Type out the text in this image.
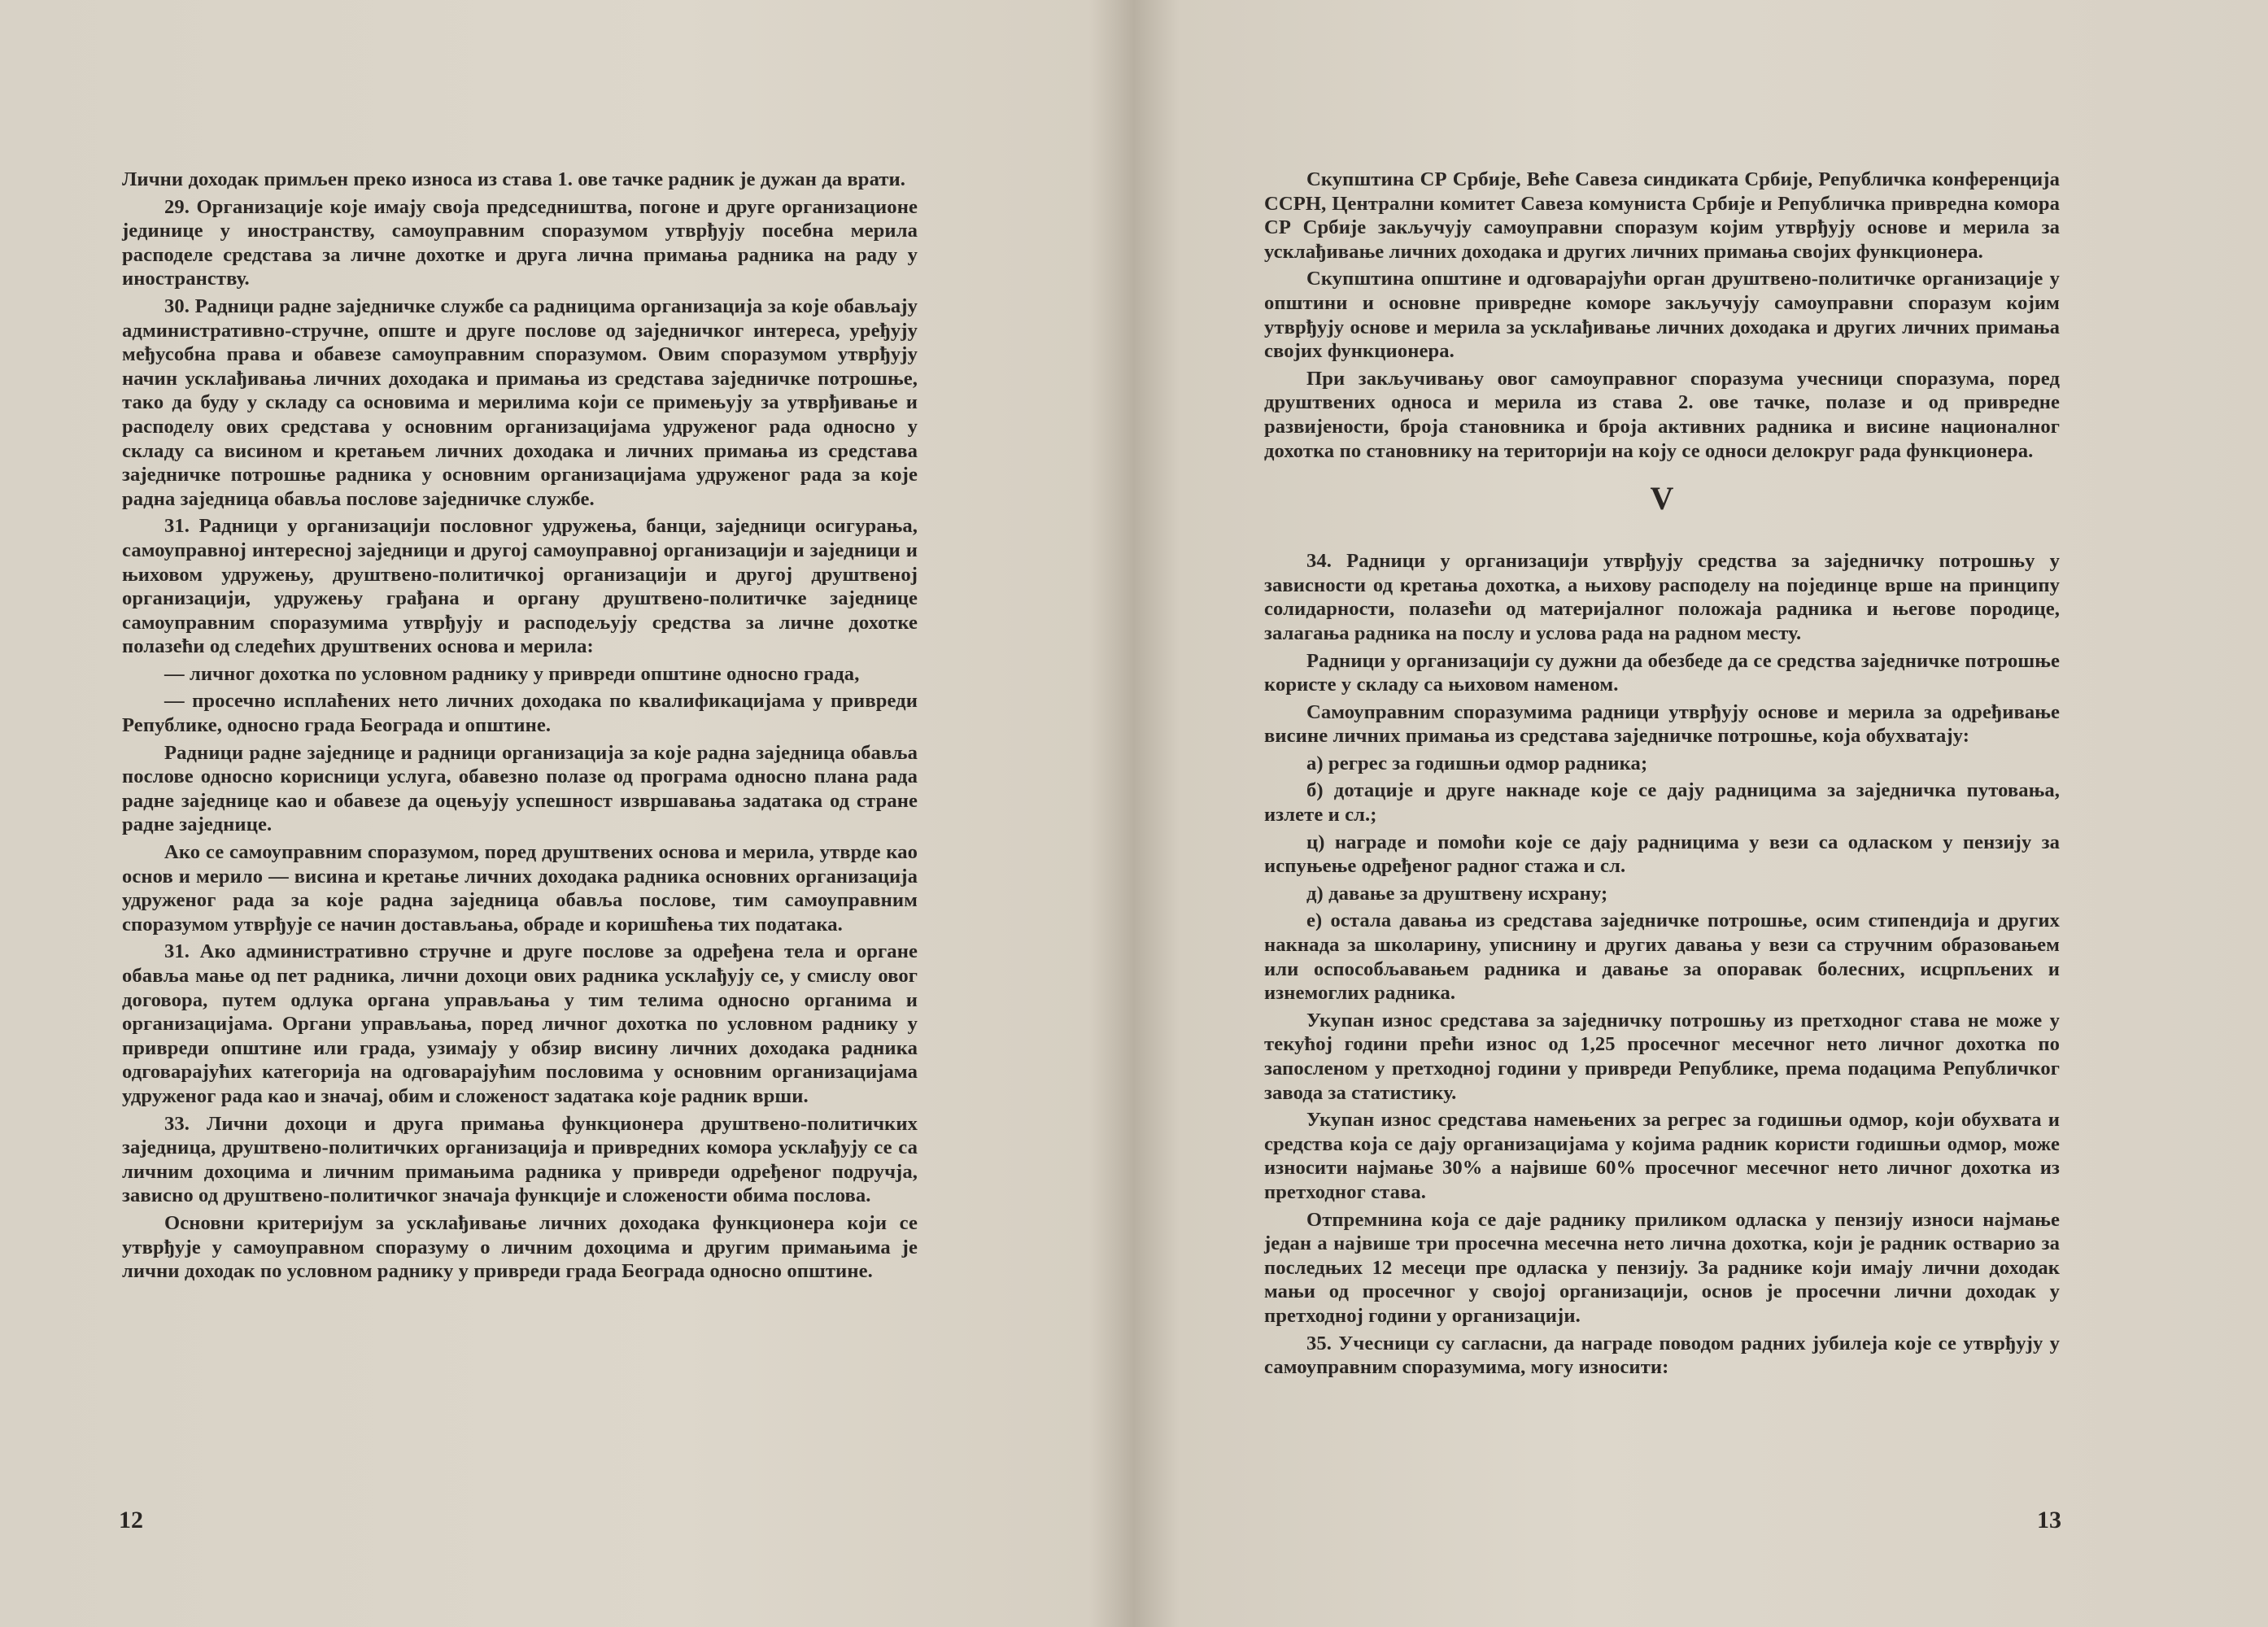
Лични доходак примљен преко износа из става 1. ове тачке радник је дужан да врати.

29. Организације које имају своја председништва, погоне и друге организационе јединице у иностранству, самоуправним споразумом утврђују посебна мерила расподеле средстава за личне дохотке и друга лична примања радника на раду у иностранству.

30. Радници радне заједничке службе са радницима организација за које обављају административно-стручне, опште и друге послове од заједничког интереса, уређују међусобна права и обавезе самоуправним споразумом. Овим споразумом утврђују начин усклађивања личних доходака и примања из средстава заједничке потрошње, тако да буду у складу са основима и мерилима који се примењују за утврђивање и расподелу ових средстава у основним организацијама удруженог рада односно у складу са висином и кретањем личних доходака и личних примања из средстава заједничке потрошње радника у основним организацијама удруженог рада за које радна заједница обавља послове заједничке службе.

31. Радници у организацији пословног удружења, банци, заједници осигурања, самоуправној интересној заједници и другој самоуправној организацији и заједници и њиховом удружењу, друштвено-политичкој организацији и другој друштвеној организацији, удружењу грађана и органу друштвено-политичке заједнице самоуправним споразумима утврђују и расподељују средства за личне дохотке полазећи од следећих друштвених основа и мерила:

— личног дохотка по условном раднику у привреди општине односно града,

— просечно исплаћених нето личних доходака по квалификацијама у привреди Републике, односно града Београда и општине.

Радници радне заједнице и радници организација за које радна заједница обавља послове односно корисници услуга, обавезно полазе од програма односно плана рада радне заједнице као и обавезе да оцењују успешност извршавања задатака од стране радне заједнице.

Ако се самоуправним споразумом, поред друштвених основа и мерила, утврде као основ и мерило — висина и кретање личних доходака радника основних организација удруженог рада за које радна заједница обавља послове, тим самоуправним споразумом утврђује се начин достављања, обраде и коришћења тих података.

31. Ако административно стручне и друге послове за одређена тела и органе обавља мање од пет радника, лични дохоци ових радника усклађују се, у смислу овог договора, путем одлука органа управљања у тим телима односно органима и организацијама. Органи управљања, поред личног дохотка по условном раднику у привреди општине или града, узимају у обзир висину личних доходака радника одговарајућих категорија на одговарајућим пословима у основним организацијама удруженог рада као и значај, обим и сложеност задатака које радник врши.

33. Лични дохоци и друга примања функционера друштвено-политичких заједница, друштвено-политичких организација и привредних комора усклађују се са личним дохоцима и личним примањима радника у привреди одређеног подручја, зависно од друштвено-политичког значаја функције и сложености обима послова.

Основни критеријум за усклађивање личних доходака функционера који се утврђује у самоуправном споразуму о личним дохоцима и другим примањима је лични доходак по условном раднику у привреди града Београда односно општине.

12

Скупштина СР Србије, Веће Савеза синдиката Србије, Републичка конференција ССРН, Централни комитет Савеза комуниста Србије и Републичка привредна комора СР Србије закључују самоуправни споразум којим утврђују основе и мерила за усклађивање личних доходака и других личних примања својих функционера.

Скупштина општине и одговарајући орган друштвено-политичке организације у општини и основне привредне коморе закључују самоуправни споразум којим утврђују основе и мерила за усклађивање личних доходака и других личних примања својих функционера.

При закључивању овог самоуправног споразума учесници споразума, поред друштвених односа и мерила из става 2. ове тачке, полазе и од привредне развијености, броја становника и броја активних радника и висине националног дохотка по становнику на територији на коју се односи делокруг рада функционера.

V

34. Радници у организацији утврђују средства за заједничку потрошњу у зависности од кретања дохотка, а њихову расподелу на појединце врше на принципу солидарности, полазећи од материјалног положаја радника и његове породице, залагања радника на послу и услова рада на радном месту.

Радници у организацији су дужни да обезбеде да се средства заједничке потрошње користе у складу са њиховом наменом.

Самоуправним споразумима радници утврђују основе и мерила за одређивање висине личних примања из средстава заједничке потрошње, која обухватају:

а) регрес за годишњи одмор радника;

б) дотације и друге накнаде које се дају радницима за заједничка путовања, излете и сл.;

ц) награде и помоћи које се дају радницима у вези са одласком у пензију за испуњење одређеног радног стажа и сл.

д) давање за друштвену исхрану;

е) остала давања из средстава заједничке потрошње, осим стипендија и других накнада за школарину, уписнину и других давања у вези са стручним образовањем или оспособљавањем радника и давање за опоравак болесних, исцрпљених и изнемоглих радника.

Укупан износ средстава за заједничку потрошњу из претходног става не може у текућој години прећи износ од 1,25 просечног месечног нето личног дохотка по запосленом у претходној години у привреди Републике, према подацима Републичког завода за статистику.

Укупан износ средстава намењених за регрес за годишњи одмор, који обухвата и средства која се дају организацијама у којима радник користи годишњи одмор, може износити најмање 30% а највише 60% просечног месечног нето личног дохотка из претходног става.

Отпремнина која се даје раднику приликом одласка у пензију износи најмање један а највише три просечна месечна нето лична дохотка, који је радник остварио за последњих 12 месеци пре одласка у пензију. За раднике који имају лични доходак мањи од просечног у својој организацији, основ је просечни лични доходак у претходној години у организацији.

35. Учесници су сагласни, да награде поводом радних јубилеја које се утврђују у самоуправним споразумима, могу износити:

13
